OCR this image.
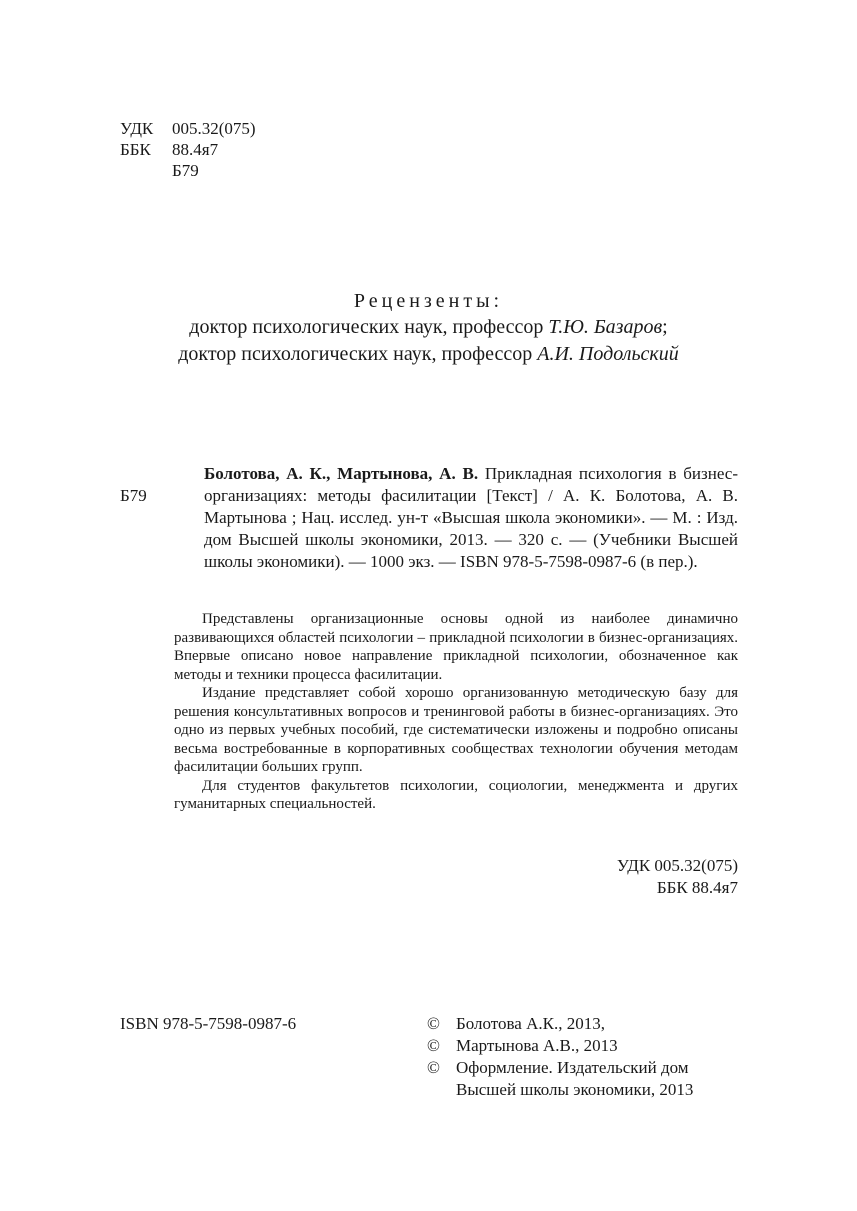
УДК 005.32(075)
ББК 88.4я7
Б79
Рецензенты:
доктор психологических наук, профессор Т.Ю. Базаров;
доктор психологических наук, профессор А.И. Подольский
Б79
Болотова, А. К., Мартынова, А. В. Прикладная психология в бизнес-организациях: методы фасилитации [Текст] / А. К. Болотова, А. В. Мартынова ; Нац. исслед. ун-т «Высшая школа экономики». — М. : Изд. дом Высшей школы экономики, 2013. — 320 с. — (Учебники Высшей школы экономики). — 1000 экз. — ISBN 978-5-7598-0987-6 (в пер.).

Представлены организационные основы одной из наиболее динамично развивающихся областей психологии – прикладной психологии в бизнес-организациях. Впервые описано новое направление прикладной психологии, обозначенное как методы и техники процесса фасилитации.

Издание представляет собой хорошо организованную методическую базу для решения консультативных вопросов и тренинговой работы в бизнес-организациях. Это одно из первых учебных пособий, где систематически изложены и подробно описаны весьма востребованные в корпоративных сообществах технологии обучения методам фасилитации больших групп.

Для студентов факультетов психологии, социологии, менеджмента и других гуманитарных специальностей.

УДК 005.32(075)
ББК 88.4я7
ISBN 978-5-7598-0987-6	© Болотова А.К., 2013,
© Мартынова А.В., 2013
© Оформление. Издательский дом
Высшей школы экономики, 2013
